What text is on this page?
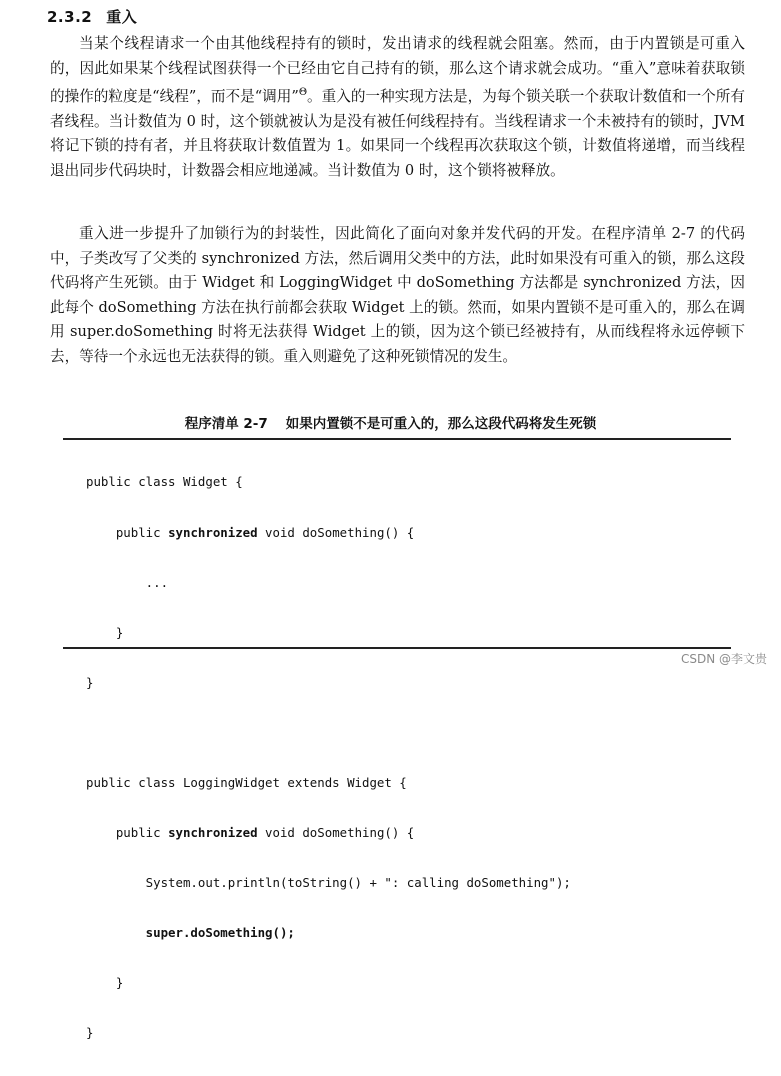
2.3.2 重入

当某个线程请求一个由其他线程持有的锁时，发出请求的线程就会阻塞。然而，由于内置锁是可重入的，因此如果某个线程试图获得一个已经由它自己持有的锁，那么这个请求就会成功。“重入”意味着获取锁的操作的粒度是“线程”，而不是“调用”$^\Theta$。重入的一种实现方法是，为每个锁关联一个获取计数值和一个所有者线程。当计数值为 0 时，这个锁就被认为是没有被任何线程持有。当线程请求一个未被持有的锁时，JVM 将记下锁的持有者，并且将获取计数值置为 1。如果同一个线程再次获取这个锁，计数值将递增，而当线程退出同步代码块时，计数器会相应地递减。当计数值为 0 时，这个锁将被释放。

重入进一步提升了加锁行为的封装性，因此简化了面向对象并发代码的开发。在程序清单 2-7 的代码中，子类改写了父类的 synchronized 方法，然后调用父类中的方法，此时如果没有可重入的锁，那么这段代码将产生死锁。由于 Widget 和 LoggingWidget 中 doSomething 方法都是 synchronized 方法，因此每个 doSomething 方法在执行前都会获取 Widget 上的锁。然而，如果内置锁不是可重入的，那么在调用 super.doSomething 时将无法获得 Widget 上的锁，因为这个锁已经被持有，从而线程将永远停顿下去，等待一个永远也无法获得的锁。重入则避免了这种死锁情况的发生。

程序清单 2-7 如果内置锁不是可重入的，那么这段代码将发生死锁

public class Widget {

public synchronized void doSomething() {

...

}

}

public class LoggingWidget extends Widget {

public synchronized void doSomething() {

System.out.println(toString() + ": calling doSomething");

super.doSomething();

}

}

CSDN @李文贵
